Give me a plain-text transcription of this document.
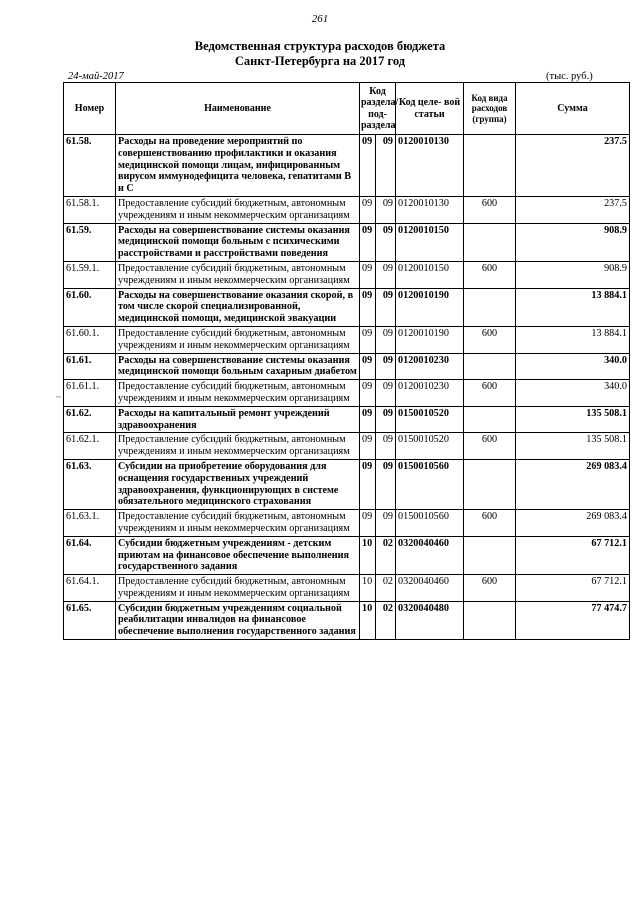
261
Ведомственная структура расходов бюджета
Санкт-Петербурга на 2017 год
24-май-2017	(тыс. руб.)
Номер	Наименование	Код раздела/ под- раздела		Код целе- вой статьи	Код вида расходов (группа)	Сумма
61.58.	Расходы на проведение мероприятий по совершенствованию профилактики и оказания медицинской помощи лицам, инфицированным вирусом иммунодефицита человека, гепатитами В и С	09	09	0120010130		237.5
61.58.1.	Предоставление субсидий бюджетным, автономным учреждениям и иным некоммерческим организациям	09	09	0120010130	600	237.5
61.59.	Расходы на совершенствование системы оказания медицинской помощи больным с психическими расстройствами и расстройствами поведения	09	09	0120010150		908.9
61.59.1.	Предоставление субсидий бюджетным, автономным учреждениям и иным некоммерческим организациям	09	09	0120010150	600	908.9
61.60.	Расходы на совершенствование оказания скорой, в том числе скорой специализированной, медицинской помощи, медицинской эвакуации	09	09	0120010190		13 884.1
61.60.1.	Предоставление субсидий бюджетным, автономным учреждениям и иным некоммерческим организациям	09	09	0120010190	600	13 884.1
61.61.	Расходы на совершенствование системы оказания медицинской помощи больным сахарным диабетом	09	09	0120010230		340.0
61.61.1.	Предоставление субсидий бюджетным, автономным учреждениям и иным некоммерческим организациям	09	09	0120010230	600	340.0
61.62.	Расходы на капитальный ремонт учреждений здравоохранения	09	09	0150010520		135 508.1
61.62.1.	Предоставление субсидий бюджетным, автономным учреждениям и иным некоммерческим организациям	09	09	0150010520	600	135 508.1
61.63.	Субсидии на приобретение оборудования для оснащения государственных учреждений здравоохранения, функционирующих в системе обязательного медицинского страхования	09	09	0150010560		269 083.4
61.63.1.	Предоставление субсидий бюджетным, автономным учреждениям и иным некоммерческим организациям	09	09	0150010560	600	269 083.4
61.64.	Субсидии бюджетным учреждениям - детским приютам на финансовое обеспечение выполнения государственного задания	10	02	0320040460		67 712.1
61.64.1.	Предоставление субсидий бюджетным, автономным учреждениям и иным некоммерческим организациям	10	02	0320040460	600	67 712.1
61.65.	Субсидии бюджетным учреждениям социальной реабилитации инвалидов на финансовое обеспечение выполнения государственного задания	10	02	0320040480		77 474.7
~
